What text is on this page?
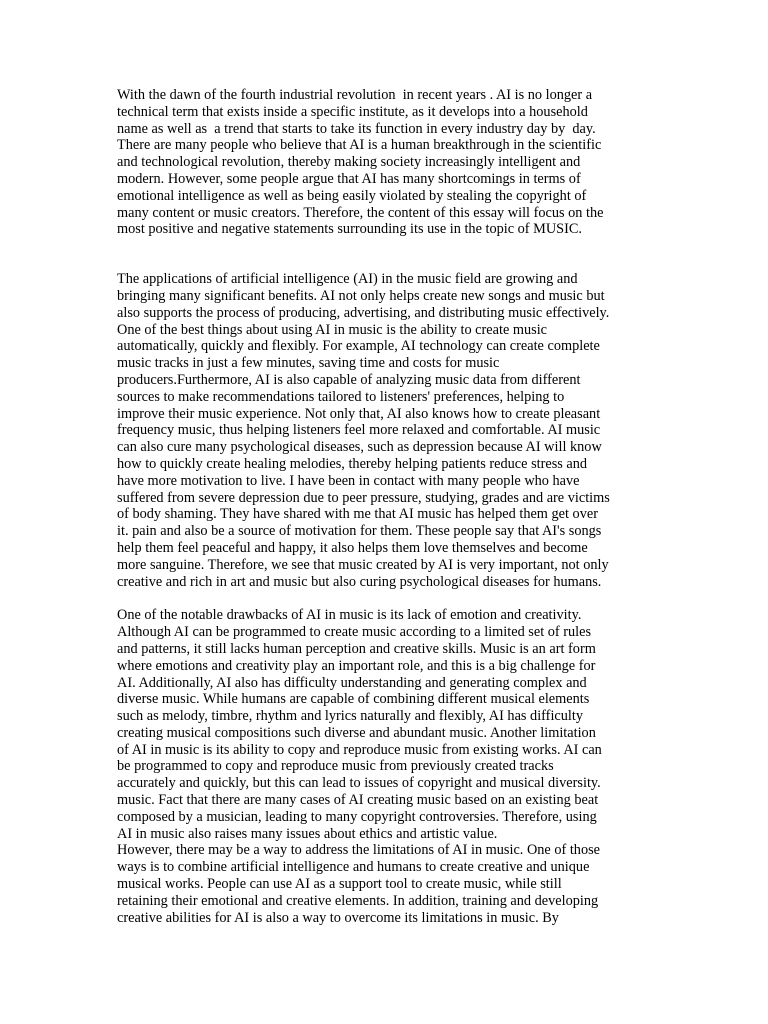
With the dawn of the fourth industrial revolution  in recent years . AI is no longer a
technical term that exists inside a specific institute, as it develops into a household
name as well as  a trend that starts to take its function in every industry day by  day.
There are many people who believe that AI is a human breakthrough in the scientific
and technological revolution, thereby making society increasingly intelligent and
modern. However, some people argue that AI has many shortcomings in terms of
emotional intelligence as well as being easily violated by stealing the copyright of
many content or music creators. Therefore, the content of this essay will focus on the
most positive and negative statements surrounding its use in the topic of MUSIC.
The applications of artificial intelligence (AI) in the music field are growing and
bringing many significant benefits. AI not only helps create new songs and music but
also supports the process of producing, advertising, and distributing music effectively.
One of the best things about using AI in music is the ability to create music
automatically, quickly and flexibly. For example, AI technology can create complete
music tracks in just a few minutes, saving time and costs for music
producers.Furthermore, AI is also capable of analyzing music data from different
sources to make recommendations tailored to listeners' preferences, helping to
improve their music experience. Not only that, AI also knows how to create pleasant
frequency music, thus helping listeners feel more relaxed and comfortable. AI music
can also cure many psychological diseases, such as depression because AI will know
how to quickly create healing melodies, thereby helping patients reduce stress and
have more motivation to live. I have been in contact with many people who have
suffered from severe depression due to peer pressure, studying, grades and are victims
of body shaming. They have shared with me that AI music has helped them get over
it. pain and also be a source of motivation for them. These people say that AI's songs
help them feel peaceful and happy, it also helps them love themselves and become
more sanguine. Therefore, we see that music created by AI is very important, not only
creative and rich in art and music but also curing psychological diseases for humans.
One of the notable drawbacks of AI in music is its lack of emotion and creativity.
Although AI can be programmed to create music according to a limited set of rules
and patterns, it still lacks human perception and creative skills. Music is an art form
where emotions and creativity play an important role, and this is a big challenge for
AI. Additionally, AI also has difficulty understanding and generating complex and
diverse music. While humans are capable of combining different musical elements
such as melody, timbre, rhythm and lyrics naturally and flexibly, AI has difficulty
creating musical compositions such diverse and abundant music. Another limitation
of AI in music is its ability to copy and reproduce music from existing works. AI can
be programmed to copy and reproduce music from previously created tracks
accurately and quickly, but this can lead to issues of copyright and musical diversity.
music. Fact that there are many cases of AI creating music based on an existing beat
composed by a musician, leading to many copyright controversies. Therefore, using
AI in music also raises many issues about ethics and artistic value.
However, there may be a way to address the limitations of AI in music. One of those
ways is to combine artificial intelligence and humans to create creative and unique
musical works. People can use AI as a support tool to create music, while still
retaining their emotional and creative elements. In addition, training and developing
creative abilities for AI is also a way to overcome its limitations in music. By
